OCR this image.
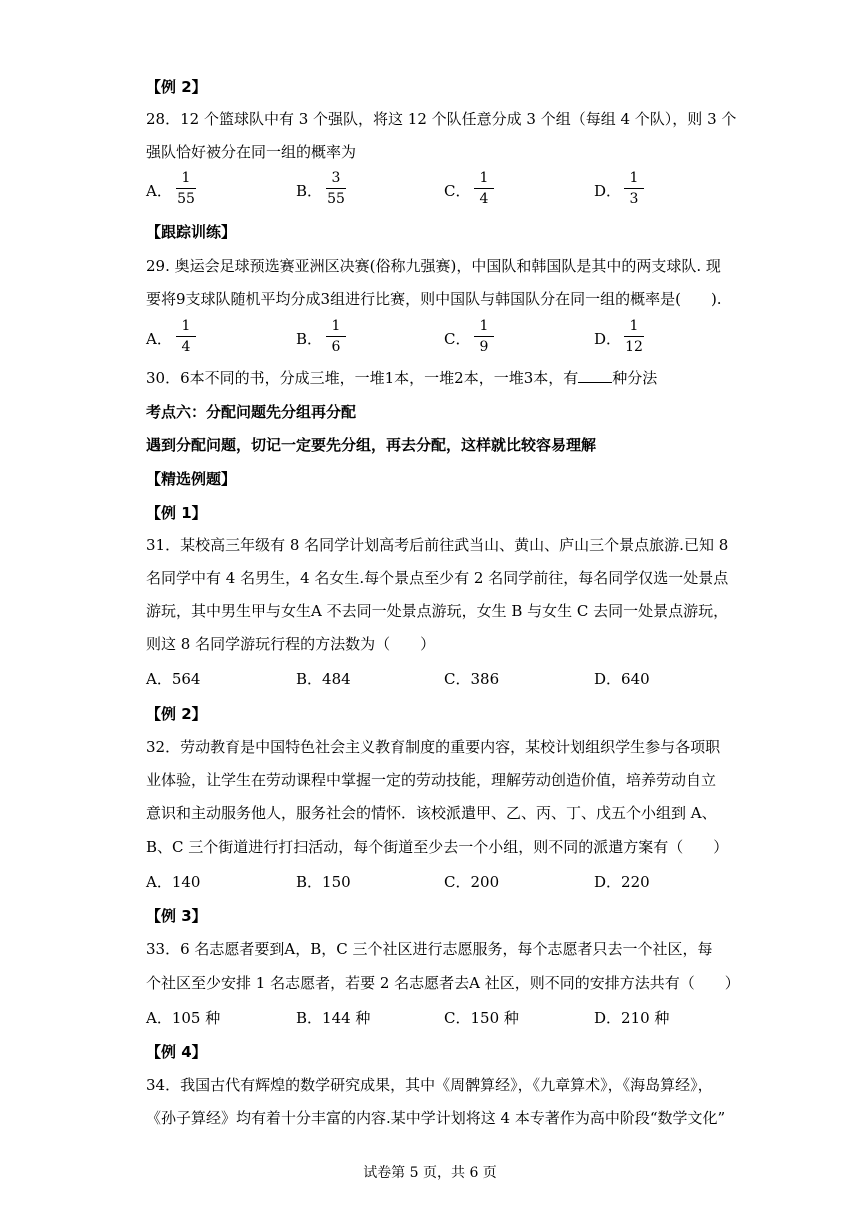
【例 2】
28．12 个篮球队中有 3 个强队，将这 12 个队任意分成 3 个组（每组 4 个队），则 3 个
强队恰好被分在同一组的概率为
A．
1
55	B．
3
55	C．
1
4	D．
1
3
【跟踪训练】
29. 奥运会足球预选赛亚洲区决赛(俗称九强赛)，中国队和韩国队是其中的两支球队. 现
要将9支球队随机平均分成3组进行比赛，则中国队与韩国队分在同一组的概率是(　　).
A．
1
4	B．
1
6	C．
1
9	D．
1
12
30．6本不同的书，分成三堆，一堆1本，一堆2本，一堆3本，有 种分法
考点六：分配问题先分组再分配
遇到分配问题，切记一定要先分组，再去分配，这样就比较容易理解
【精选例题】
【例 1】
31．某校高三年级有 8 名同学计划高考后前往武当山、黄山、庐山三个景点旅游.已知 8
名同学中有 4 名男生，4 名女生.每个景点至少有 2 名同学前往，每名同学仅选一处景点
游玩，其中男生甲与女生A 不去同一处景点游玩，女生 B 与女生 C 去同一处景点游玩，
则这 8 名同学游玩行程的方法数为（　　）
A．564	B．484	C．386	D．640
【例 2】
32．劳动教育是中国特色社会主义教育制度的重要内容，某校计划组织学生参与各项职
业体验，让学生在劳动课程中掌握一定的劳动技能，理解劳动创造价值，培养劳动自立
意识和主动服务他人，服务社会的情怀．该校派遣甲、乙、丙、丁、戊五个小组到 A、
B、C 三个街道进行打扫活动，每个街道至少去一个小组，则不同的派遣方案有（　　）
A．140	B．150	C．200	D．220
【例 3】
33．6 名志愿者要到A，B，C 三个社区进行志愿服务，每个志愿者只去一个社区，每
个社区至少安排 1 名志愿者，若要 2 名志愿者去A 社区，则不同的安排方法共有（　　）
A．105 种	B．144 种	C．150 种	D．210 种
【例 4】
34．我国古代有辉煌的数学研究成果，其中《周髀算经》，《九章算术》，《海岛算经》，
《孙子算经》均有着十分丰富的内容.某中学计划将这 4 本专著作为高中阶段“数学文化”
试卷第 5 页，共 6 页
